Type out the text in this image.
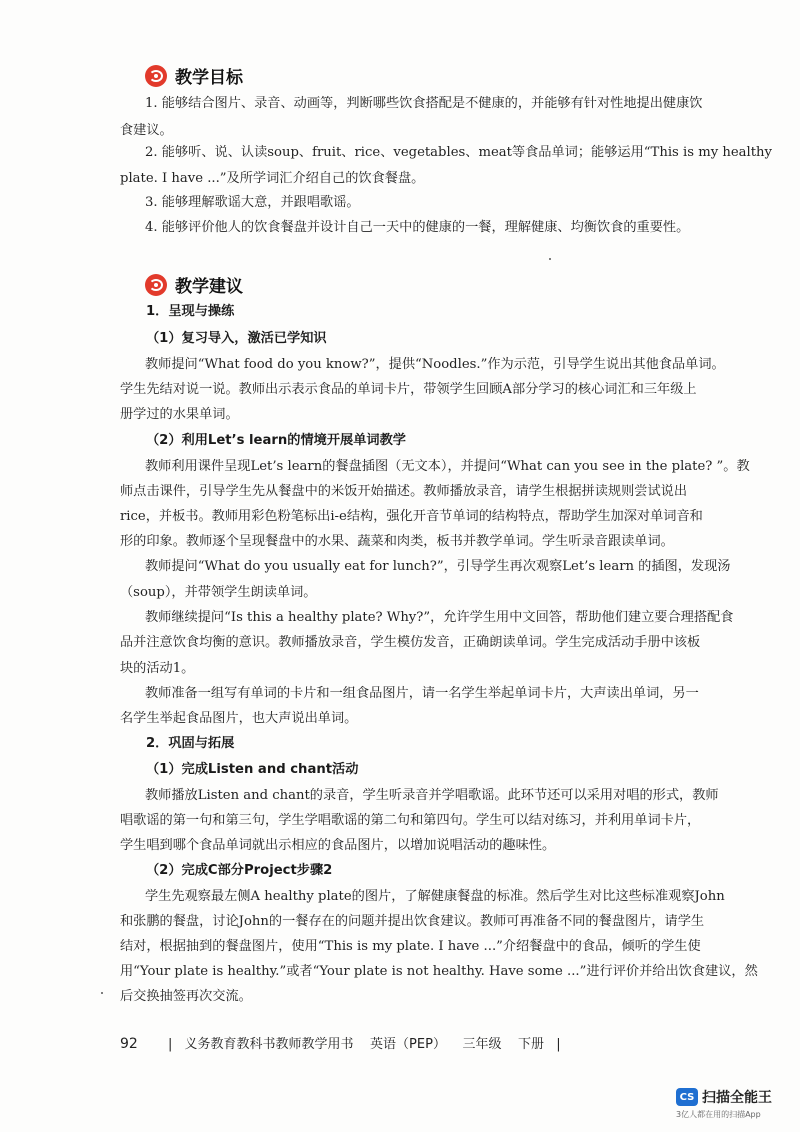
教学目标
1. 能够结合图片、录音、动画等，判断哪些饮食搭配是不健康的，并能够有针对性地提出健康饮
食建议。
2. 能够听、说、认读soup、fruit、rice、vegetables、meat等食品单词；能够运用“This is my healthy
plate. I have ...”及所学词汇介绍自己的饮食餐盘。
3. 能够理解歌谣大意，并跟唱歌谣。
4. 能够评价他人的饮食餐盘并设计自己一天中的健康的一餐，理解健康、均衡饮食的重要性。
教学建议
1．呈现与操练
（1）复习导入，激活已学知识
教师提问“What food do you know?”，提供“Noodles.”作为示范，引导学生说出其他食品单词。
学生先结对说一说。教师出示表示食品的单词卡片，带领学生回顾A部分学习的核心词汇和三年级上
册学过的水果单词。
（2）利用Let’s learn的情境开展单词教学
教师利用课件呈现Let’s learn的餐盘插图（无文本），并提问“What can you see in the plate? ”。教
师点击课件，引导学生先从餐盘中的米饭开始描述。教师播放录音，请学生根据拼读规则尝试说出
rice，并板书。教师用彩色粉笔标出i-e结构，强化开音节单词的结构特点，帮助学生加深对单词音和
形的印象。教师逐个呈现餐盘中的水果、蔬菜和肉类，板书并教学单词。学生听录音跟读单词。
教师提问“What do you usually eat for lunch?”，引导学生再次观察Let’s learn 的插图，发现汤
（soup），并带领学生朗读单词。
教师继续提问“Is this a healthy plate? Why?”，允许学生用中文回答，帮助他们建立要合理搭配食
品并注意饮食均衡的意识。教师播放录音，学生模仿发音，正确朗读单词。学生完成活动手册中该板
块的活动1。
教师准备一组写有单词的卡片和一组食品图片，请一名学生举起单词卡片，大声读出单词，另一
名学生举起食品图片，也大声说出单词。
2．巩固与拓展
（1）完成Listen and chant活动
教师播放Listen and chant的录音，学生听录音并学唱歌谣。此环节还可以采用对唱的形式，教师
唱歌谣的第一句和第三句，学生学唱歌谣的第二句和第四句。学生可以结对练习，并利用单词卡片，
学生唱到哪个食品单词就出示相应的食品图片，以增加说唱活动的趣味性。
（2）完成C部分Project步骤2
学生先观察最左侧A healthy plate的图片，了解健康餐盘的标准。然后学生对比这些标准观察John
和张鹏的餐盘，讨论John的一餐存在的问题并提出饮食建议。教师可再准备不同的餐盘图片，请学生
结对，根据抽到的餐盘图片，使用“This is my plate. I have ...”介绍餐盘中的食品，倾听的学生使
用“Your plate is healthy.”或者“Your plate is not healthy. Have some ...”进行评价并给出饮食建议，然
后交换抽签再次交流。
92 | 义务教育教科书教师教学用书 英语（PEP） 三年级 下册 |
CS 扫描全能王
3亿人都在用的扫描App
